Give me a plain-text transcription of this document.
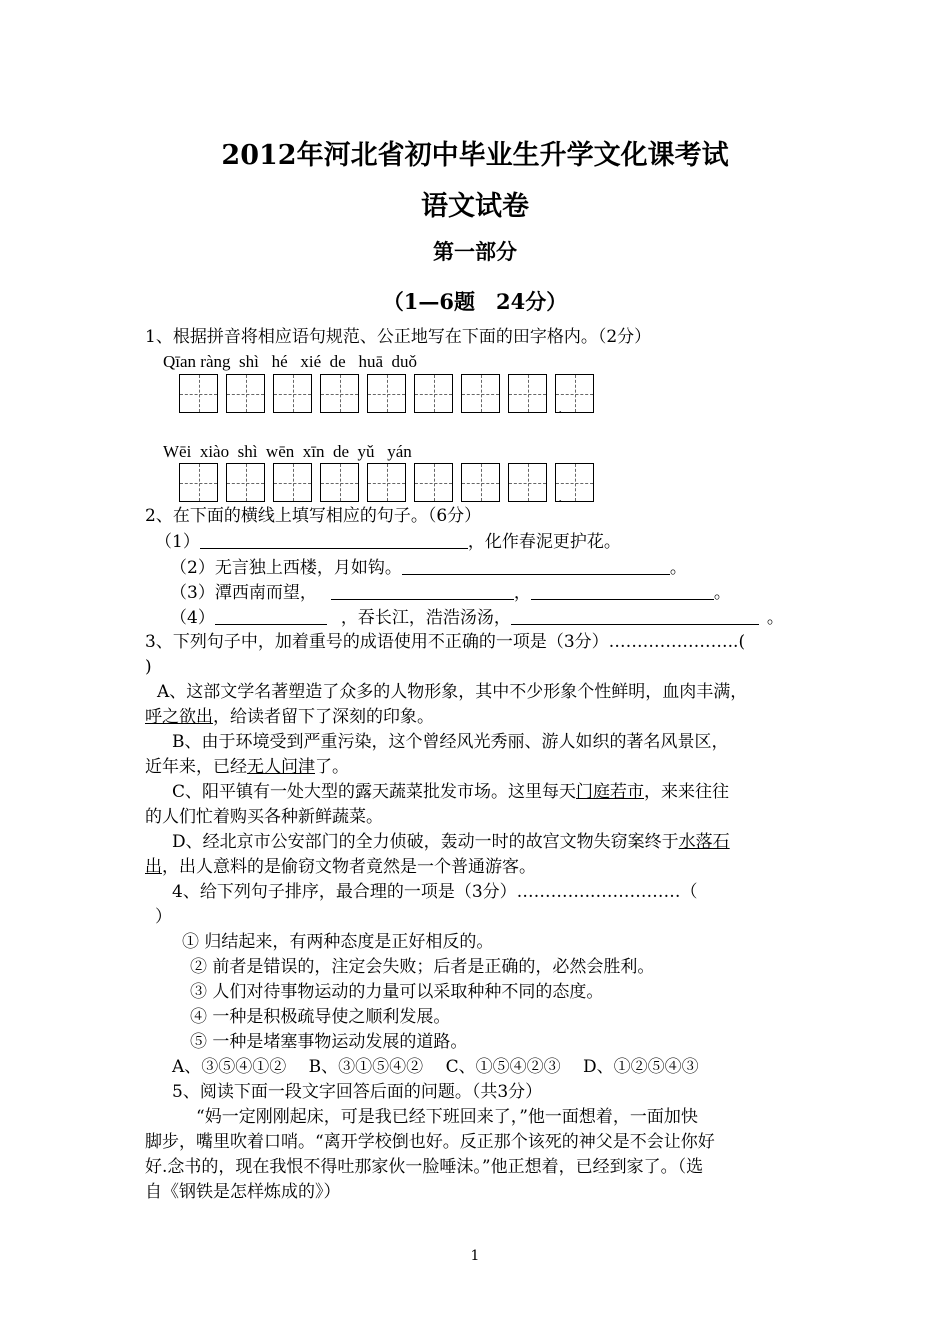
2012年河北省初中毕业生升学文化课考试
语文试卷
第一部分
（1—6题　24分）
1、根据拼音将相应语句规范、公正地写在下面的田字格内。（2分）
Qīan ràng  shì   hé   xié  de   huā  duǒ
.
Wēi  xiào  shì  wēn  xīn  de  yǔ   yán
.
2、在下面的横线上填写相应的句子。（6分）
（1）	，化作春泥更护花。
（2）无言独上西楼，月如钩。	。
（3）潭西南而望，	，	。
（4）	，吞长江，浩浩汤汤，	。
3、下列句子中，加着重号的成语使用不正确的一项是（3分）…………………..(
)
A、这部文学名著塑造了众多的人物形象，其中不少形象个性鲜明，血肉丰满，
呼之欲出，给读者留下了深刻的印象。
B、由于环境受到严重污染，这个曾经风光秀丽、游人如织的著名风景区，
近年来，已经无人问津了。
C、阳平镇有一处大型的露天蔬菜批发市场。这里每天门庭若市，来来往往
的人们忙着购买各种新鲜蔬菜。
D、经北京市公安部门的全力侦破，轰动一时的故宫文物失窃案终于水落石
出，出人意料的是偷窃文物者竟然是一个普通游客。
4、给下列句子排序，最合理的一项是（3分）…………..……………（
）
① 归结起来，有两种态度是正好相反的。
② 前者是错误的，注定会失败；后者是正确的，必然会胜利。
③ 人们对待事物运动的力量可以采取种种不同的态度。
④ 一种是积极疏导使之顺利发展。
⑤ 一种是堵塞事物运动发展的道路。
A、③⑤④①②　 B、③①⑤④②　 C、①⑤④②③　 D、①②⑤④③
5、阅读下面一段文字回答后面的问题。（共3分）
“妈一定刚刚起床，可是我已经下班回来了，”他一面想着，一面加快
脚步，嘴里吹着口哨。“离开学校倒也好。反正那个该死的神父是不会让你好
好.念书的，现在我恨不得吐那家伙一脸唾沫。”他正想着，已经到家了。（选
自《钢铁是怎样炼成的》）
1
